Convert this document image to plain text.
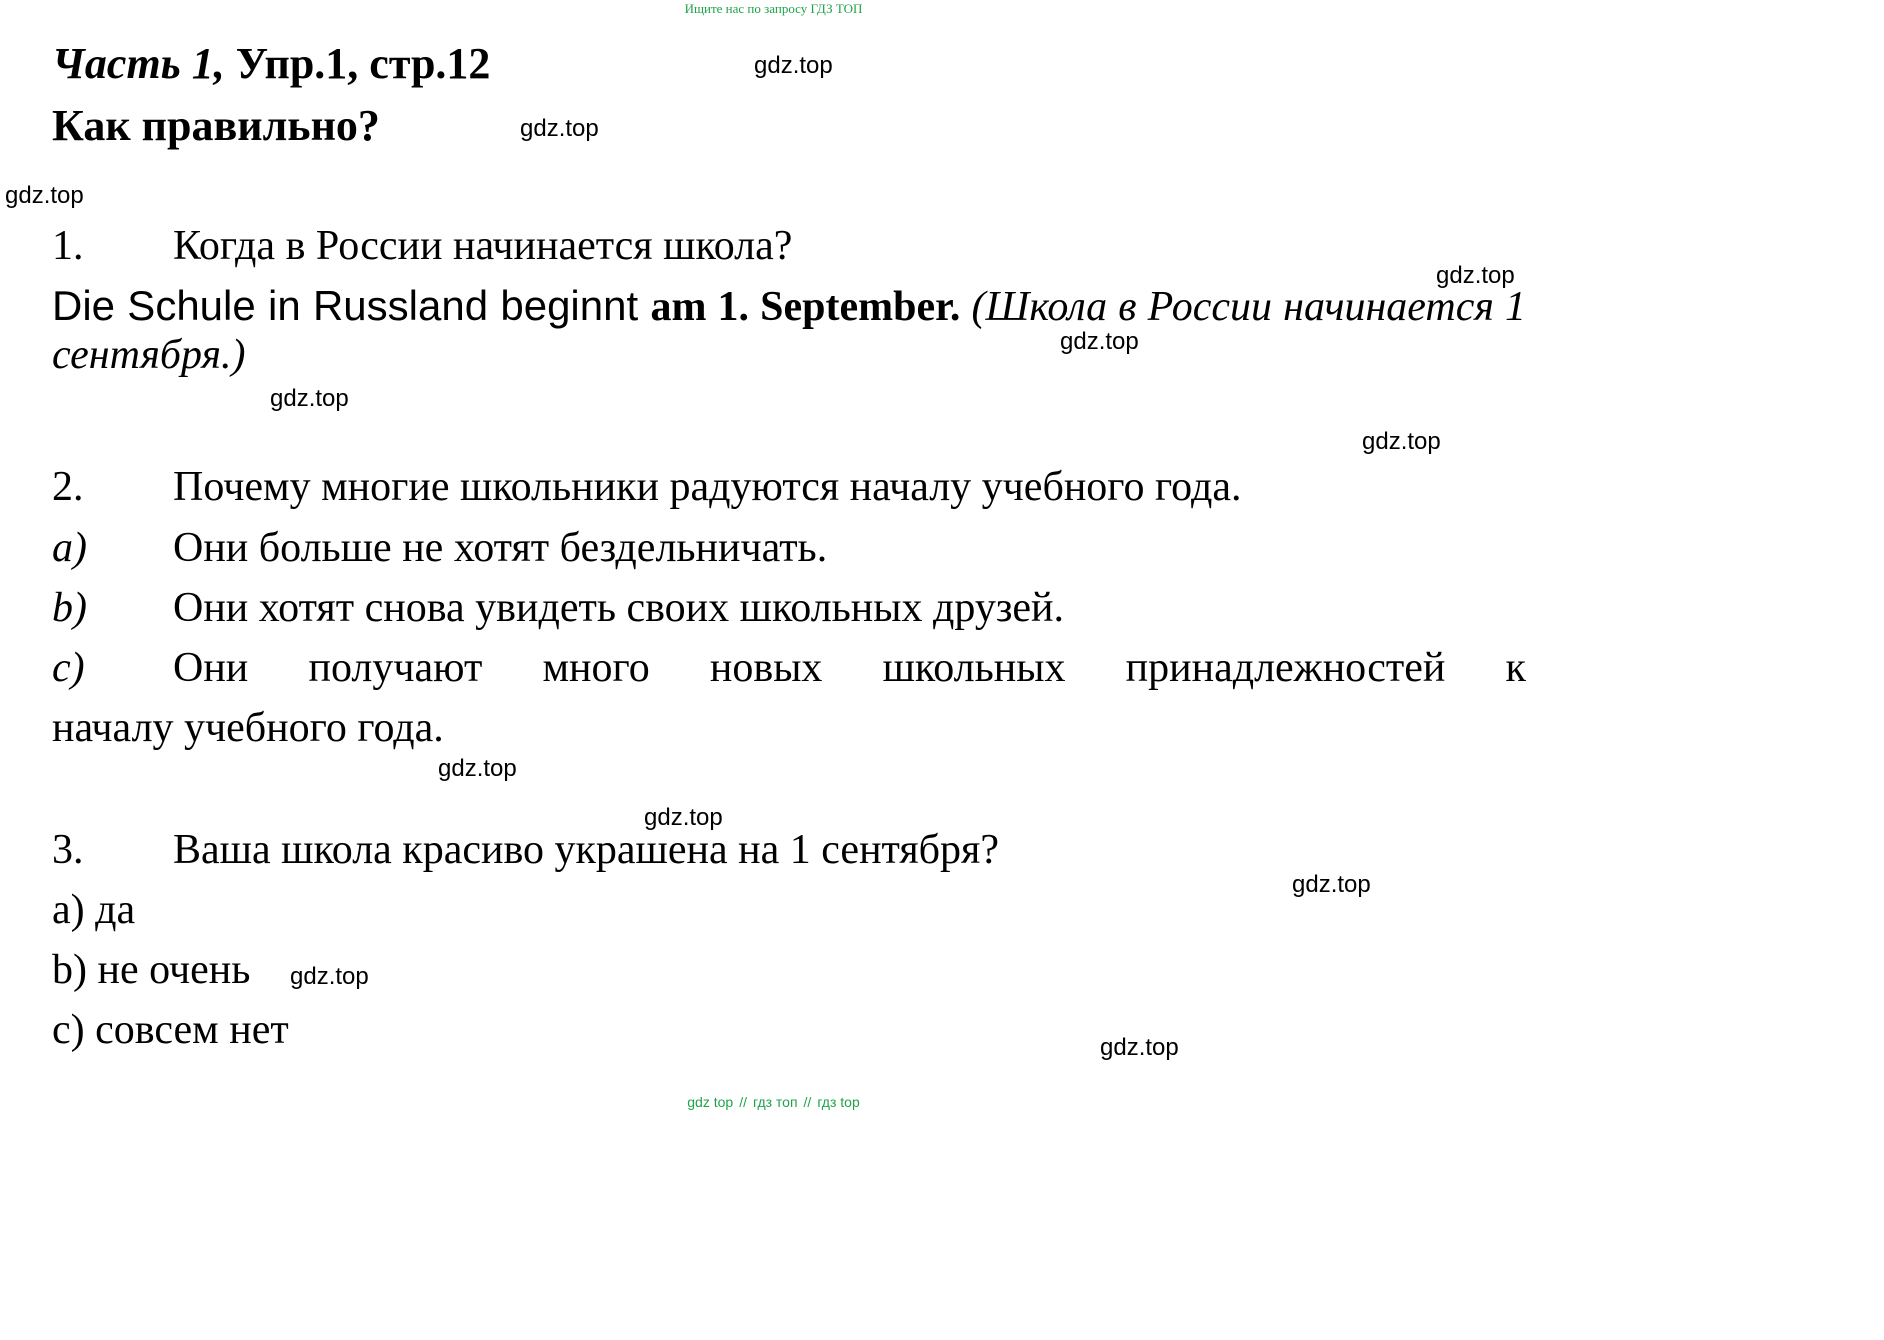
Ищите нас по запросу ГДЗ ТОП
Часть 1, Упр.1, стр.12
Как правильно?
1. Когда в России начинается школа?
Die Schule in Russland beginnt am 1. September. (Школа в России начинается 1 сентября.)
2. Почему многие школьники радуются началу учебного года.
a) Они больше не хотят бездельничать.
b) Они хотят снова увидеть своих школьных друзей.
c) Они получают много новых школьных принадлежностей к
началу учебного года.
3. Ваша школа красиво украшена на 1 сентября?
а) да
b) не очень
с) совсем нет
gdz.top
gdz.top
gdz.top
gdz.top
gdz.top
gdz.top
gdz.top
gdz.top
gdz.top
gdz.top
gdz.top
gdz.top
gdz top // гдз топ // гдз top
